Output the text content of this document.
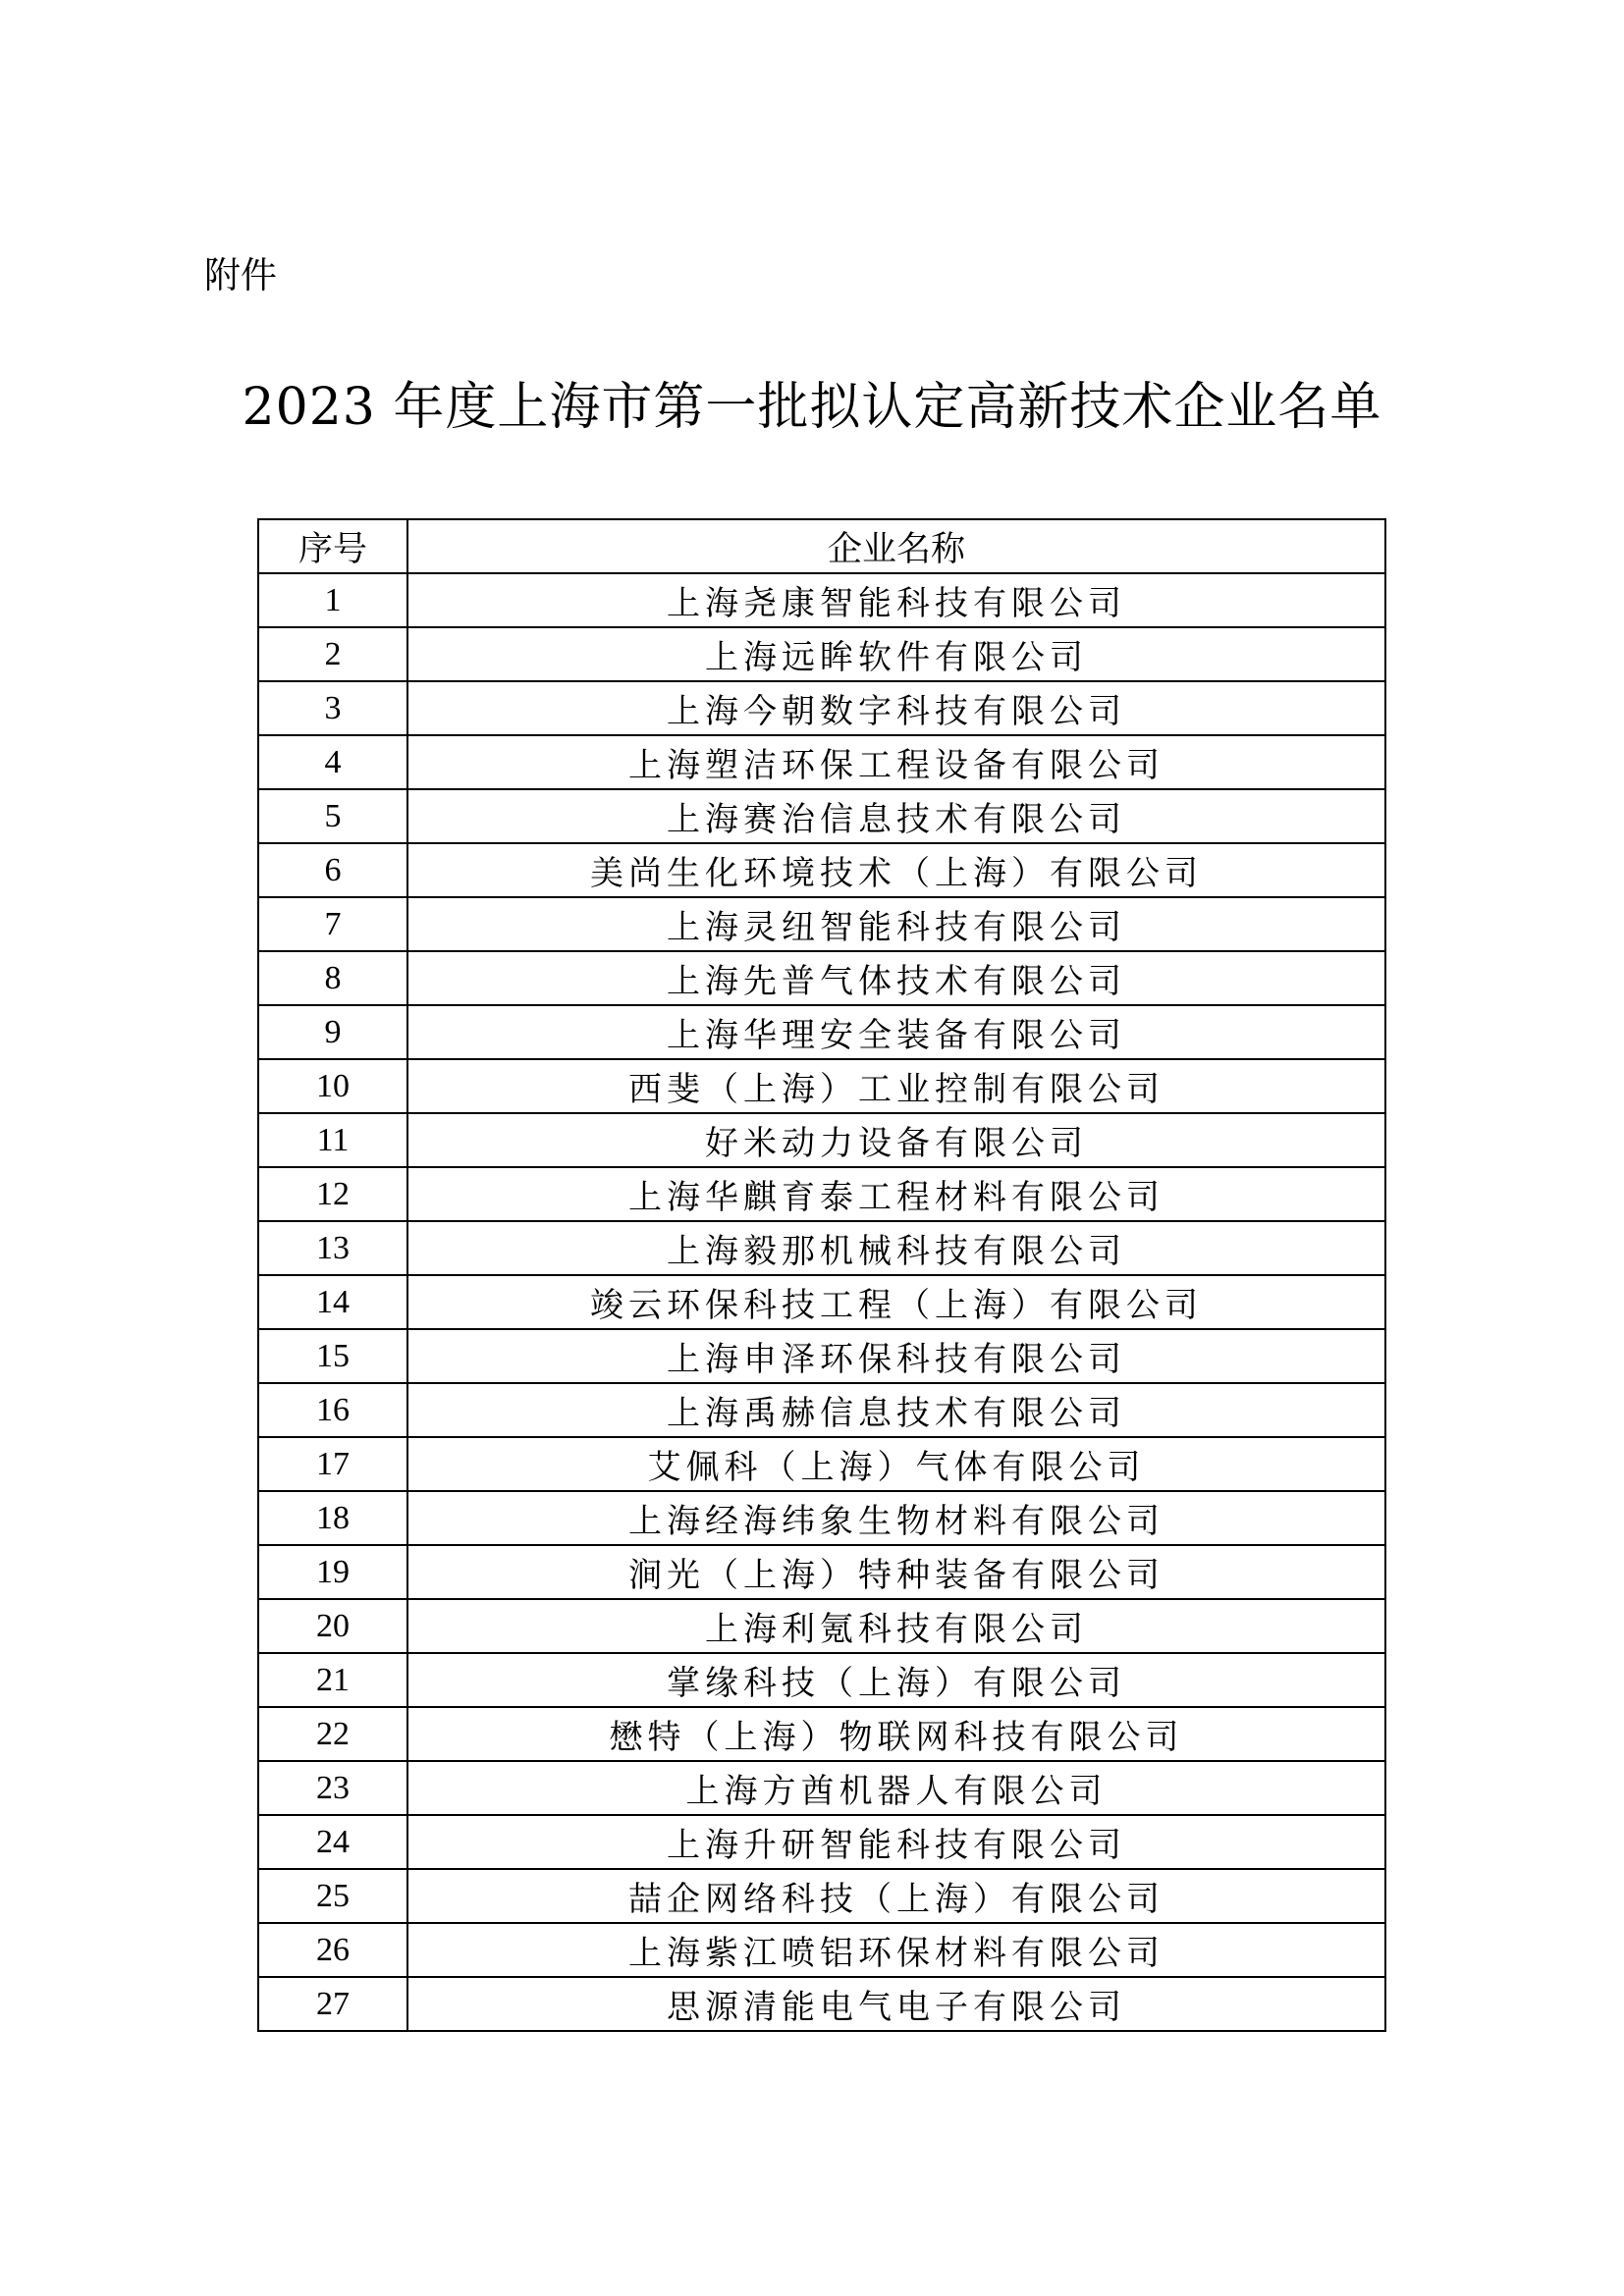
附件
2023 年度上海市第一批拟认定高新技术企业名单
序号	企业名称
1	上海尧康智能科技有限公司
2	上海远眸软件有限公司
3	上海今朝数字科技有限公司
4	上海塑洁环保工程设备有限公司
5	上海赛治信息技术有限公司
6	美尚生化环境技术（上海）有限公司
7	上海灵纽智能科技有限公司
8	上海先普气体技术有限公司
9	上海华理安全装备有限公司
10	西斐（上海）工业控制有限公司
11	好米动力设备有限公司
12	上海华麒育泰工程材料有限公司
13	上海毅那机械科技有限公司
14	竣云环保科技工程（上海）有限公司
15	上海申泽环保科技有限公司
16	上海禹赫信息技术有限公司
17	艾佩科（上海）气体有限公司
18	上海经海纬象生物材料有限公司
19	涧光（上海）特种装备有限公司
20	上海利氪科技有限公司
21	掌缘科技（上海）有限公司
22	懋特（上海）物联网科技有限公司
23	上海方酋机器人有限公司
24	上海升研智能科技有限公司
25	喆企网络科技（上海）有限公司
26	上海紫江喷铝环保材料有限公司
27	思源清能电气电子有限公司
